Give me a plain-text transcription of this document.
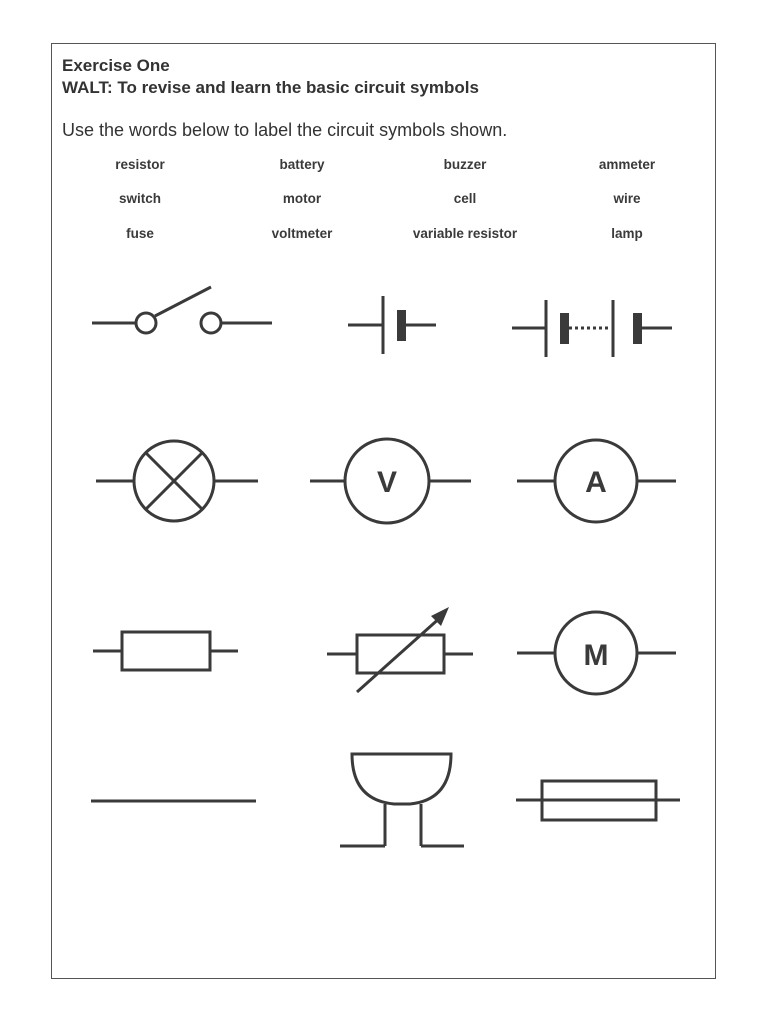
Exercise One
WALT: To revise and learn the basic circuit symbols
Use the words below to label the circuit symbols shown.
resistor	battery	buzzer	ammeter
switch	motor	cell	wire
fuse	voltmeter	variable resistor	lamp
V	A
M
